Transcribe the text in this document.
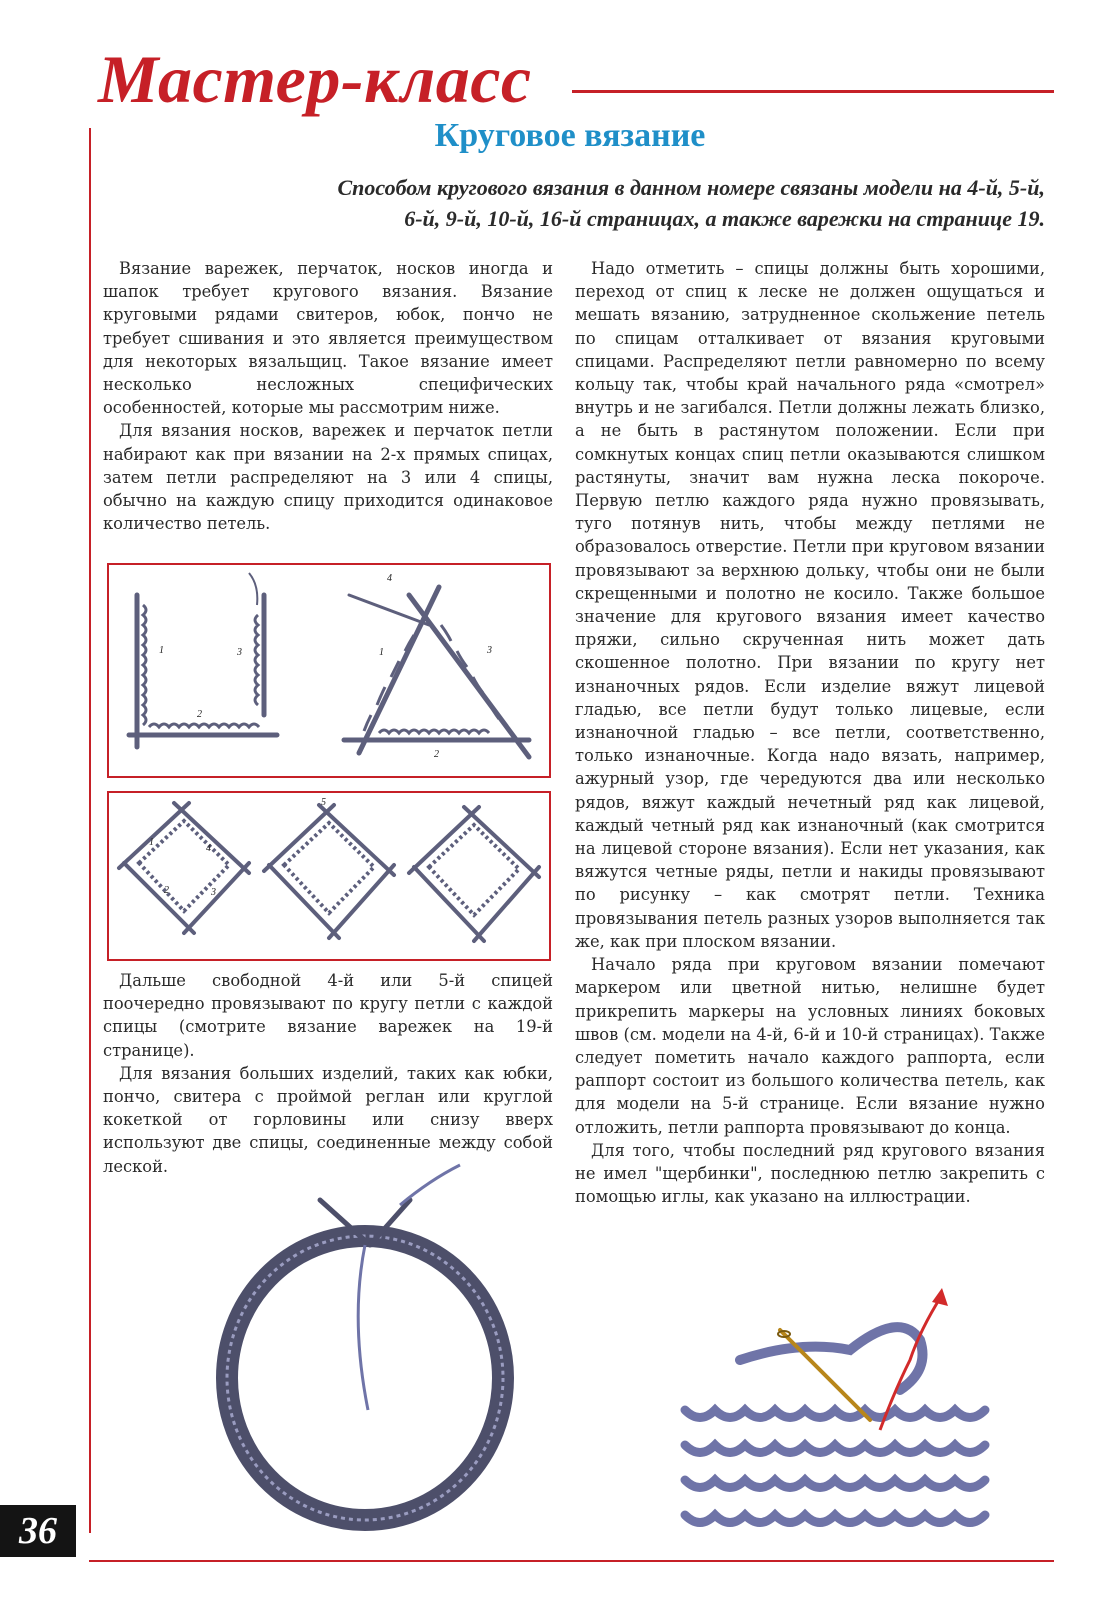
Мастер-класс
Круговое вязание
Способом кругового вязания в данном номере связаны модели на 4-й, 5-й,
6-й, 9-й, 10-й, 16-й страницах, а также варежки на странице 19.

Вязание варежек, перчаток, носков иногда и шапок требует кругового вязания. Вязание круговыми рядами свитеров, юбок, пончо не требует сшивания и это является преимуществом для некоторых вязальщиц. Такое вязание имеет несколько несложных специфических особенностей, которые мы рассмотрим ниже.

Для вязания носков, варежек и перчаток петли набирают как при вязании на 2-х прямых спицах, затем петли распределяют на 3 или 4 спицы, обычно на каждую спицу приходится одинаковое количество петель.

1
2
3
4
1
2
3
1
2	3
4
5

Дальше свободной 4-й или 5-й спицей поочередно провязывают по кругу петли с каждой спицы (смотрите вязание варежек на 19-й странице).

Для вязания больших изделий, таких как юбки, пончо, свитера с проймой реглан или круглой кокеткой от горловины или снизу вверх используют две спицы, соединенные между собой леской.

Надо отметить – спицы должны быть хорошими, переход от спиц к леске не должен ощущаться и мешать вязанию, затрудненное скольжение петель по спицам отталкивает от вязания круговыми спицами. Распределяют петли равномерно по всему кольцу так, чтобы край начального ряда «смотрел» внутрь и не загибался. Петли должны лежать близко, а не быть в растянутом положении. Если при сомкнутых концах спиц петли оказываются слишком растянуты, значит вам нужна леска покороче. Первую петлю каждого ряда нужно провязывать, туго потянув нить, чтобы между петлями не образовалось отверстие. Петли при круговом вязании провязывают за верхнюю дольку, чтобы они не были скрещенными и полотно не косило. Также большое значение для кругового вязания имеет качество пряжи, сильно скрученная нить может дать скошенное полотно. При вязании по кругу нет изнаночных рядов. Если изделие вяжут лицевой гладью, все петли будут только лицевые, если изнаночной гладью – все петли, соответственно, только изнаночные. Когда надо вязать, например, ажурный узор, где чередуются два или несколько рядов, вяжут каждый нечетный ряд как лицевой, каждый четный ряд как изнаночный (как смотрится на лицевой стороне вязания). Если нет указания, как вяжутся четные ряды, петли и накиды провязывают по рисунку – как смотрят петли. Техника провязывания петель разных узоров выполняется так же, как при плоском вязании.

Начало ряда при круговом вязании помечают маркером или цветной нитью, нелишне будет прикрепить маркеры на условных линиях боковых швов (см. модели на 4-й, 6-й и 10-й страницах). Также следует пометить начало каждого раппорта, если раппорт состоит из большого количества петель, как для модели на 5-й странице. Если вязание нужно отложить, петли раппорта провязывают до конца.

Для того, чтобы последний ряд кругового вязания не имел "щербинки", последнюю петлю закрепить с помощью иглы, как указано на иллюстрации.

36
